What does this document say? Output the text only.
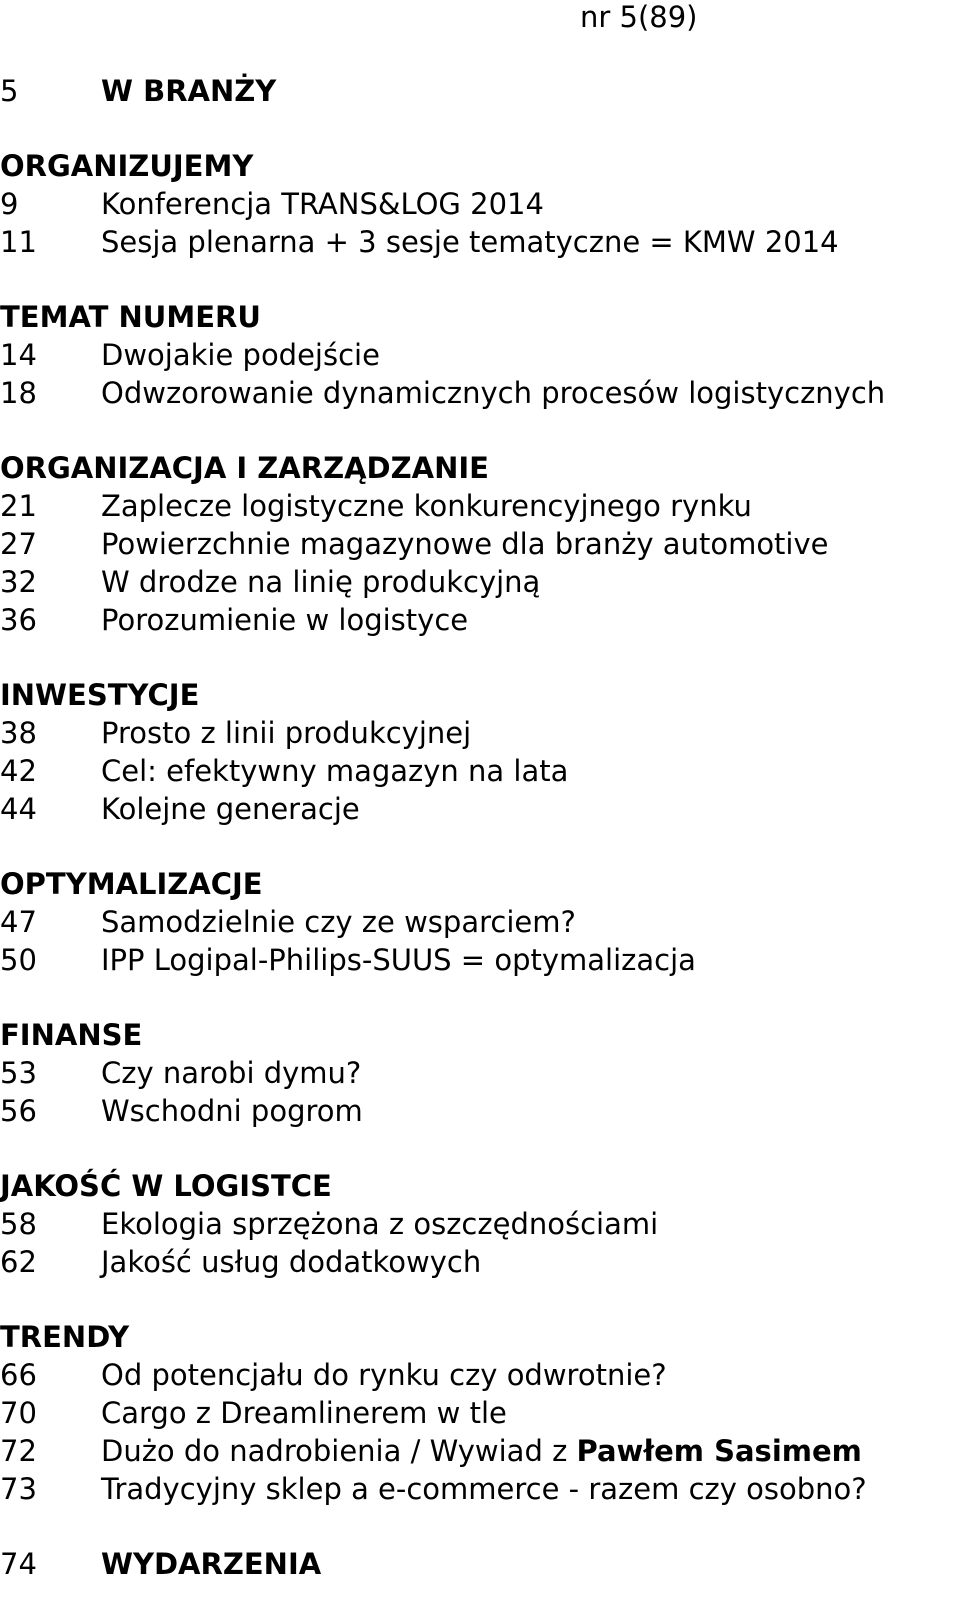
nr 5(89)
5	W BRANŻY
ORGANIZUJEMY
9	Konferencja TRANS&LOG 2014
11	Sesja plenarna + 3 sesje tematyczne = KMW 2014
TEMAT NUMERU
14	Dwojakie podejście
18	Odwzorowanie dynamicznych procesów logistycznych
ORGANIZACJA I ZARZĄDZANIE
21	Zaplecze logistyczne konkurencyjnego rynku
27	Powierzchnie magazynowe dla branży automotive
32	W drodze na linię produkcyjną
36	Porozumienie w logistyce
INWESTYCJE
38	Prosto z linii produkcyjnej
42	Cel: efektywny magazyn na lata
44	Kolejne generacje
OPTYMALIZACJE
47	Samodzielnie czy ze wsparciem?
50	IPP Logipal-Philips-SUUS = optymalizacja
FINANSE
53	Czy narobi dymu?
56	Wschodni pogrom
JAKOŚĆ W LOGISTCE
58	Ekologia sprzężona z oszczędnościami
62	Jakość usług dodatkowych
TRENDY
66	Od potencjału do rynku czy odwrotnie?
70	Cargo z Dreamlinerem w tle
72	Dużo do nadrobienia / Wywiad z Pawłem Sasimem
73	Tradycyjny sklep a e-commerce - razem czy osobno?
74	WYDARZENIA
